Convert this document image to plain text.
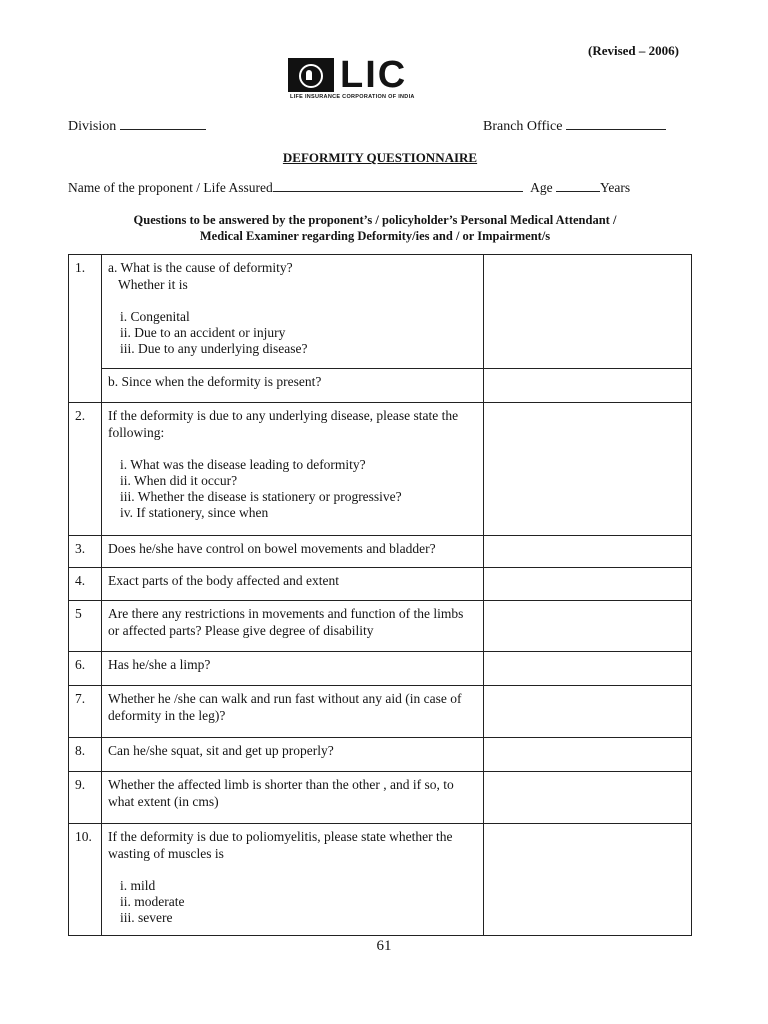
(Revised – 2006)
LIC
LIFE INSURANCE CORPORATION OF INDIA
Division	Branch Office
DEFORMITY QUESTIONNAIRE
Name of the proponent / Life Assured	Age	Years
Questions to be answered by the proponent’s / policyholder’s Personal Medical Attendant /
Medical Examiner regarding Deformity/ies and / or Impairment/s
1.	a. What is the cause of deformity?
Whether it is
i. Congenital
ii. Due to an accident or injury
iii. Due to any underlying disease?	

	b. Since when the deformity is present?	
2.	If the deformity is due to any underlying disease, please state the following:
i. What was the disease leading to deformity?
ii. When did it occur?
iii. Whether the disease is stationery or progressive?
iv. If stationery, since when	

3.	Does he/she have control on bowel movements and bladder?	
4.	Exact parts of the body affected and extent	
5	Are there any restrictions in movements and function of the limbs or affected parts? Please give degree of disability	
6.	Has he/she a limp?	
7.	Whether he /she can walk and run fast without any aid (in case of deformity in the leg)?	
8.	Can he/she squat, sit and get up properly?	
9.	Whether the affected limb is shorter than the other , and if so, to what extent (in cms)	
10.	If the deformity is due to poliomyelitis, please state whether the wasting of muscles is
i. mild
ii. moderate
iii. severe	

61
